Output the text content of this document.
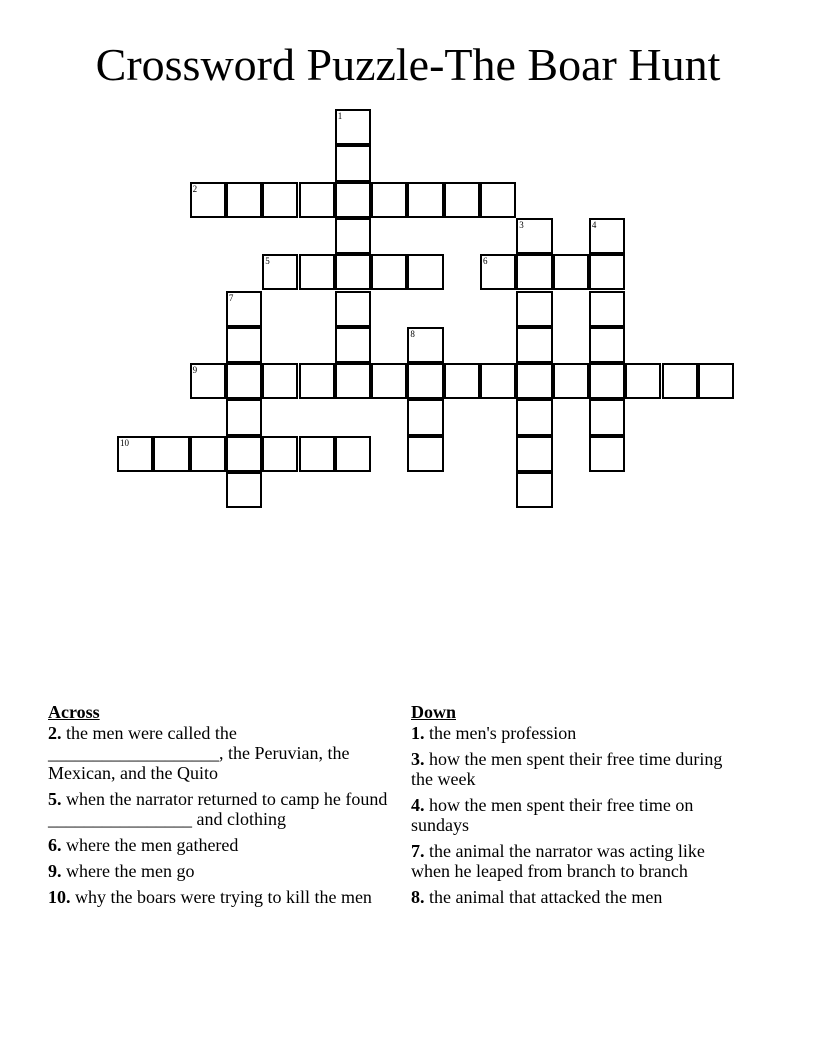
Crossword Puzzle-The Boar Hunt
1
2
3	4
5	6
7
8
9
10
Across
2. the men were called the ___________________, the Peruvian, the Mexican, and the Quito
5. when the narrator returned to camp he found ________________ and clothing
6. where the men gathered
9. where the men go
10. why the boars were trying to kill the men
Down
1. the men's profession
3. how the men spent their free time during the week
4. how the men spent their free time on sundays
7. the animal the narrator was acting like when he leaped from branch to branch
8. the animal that attacked the men
